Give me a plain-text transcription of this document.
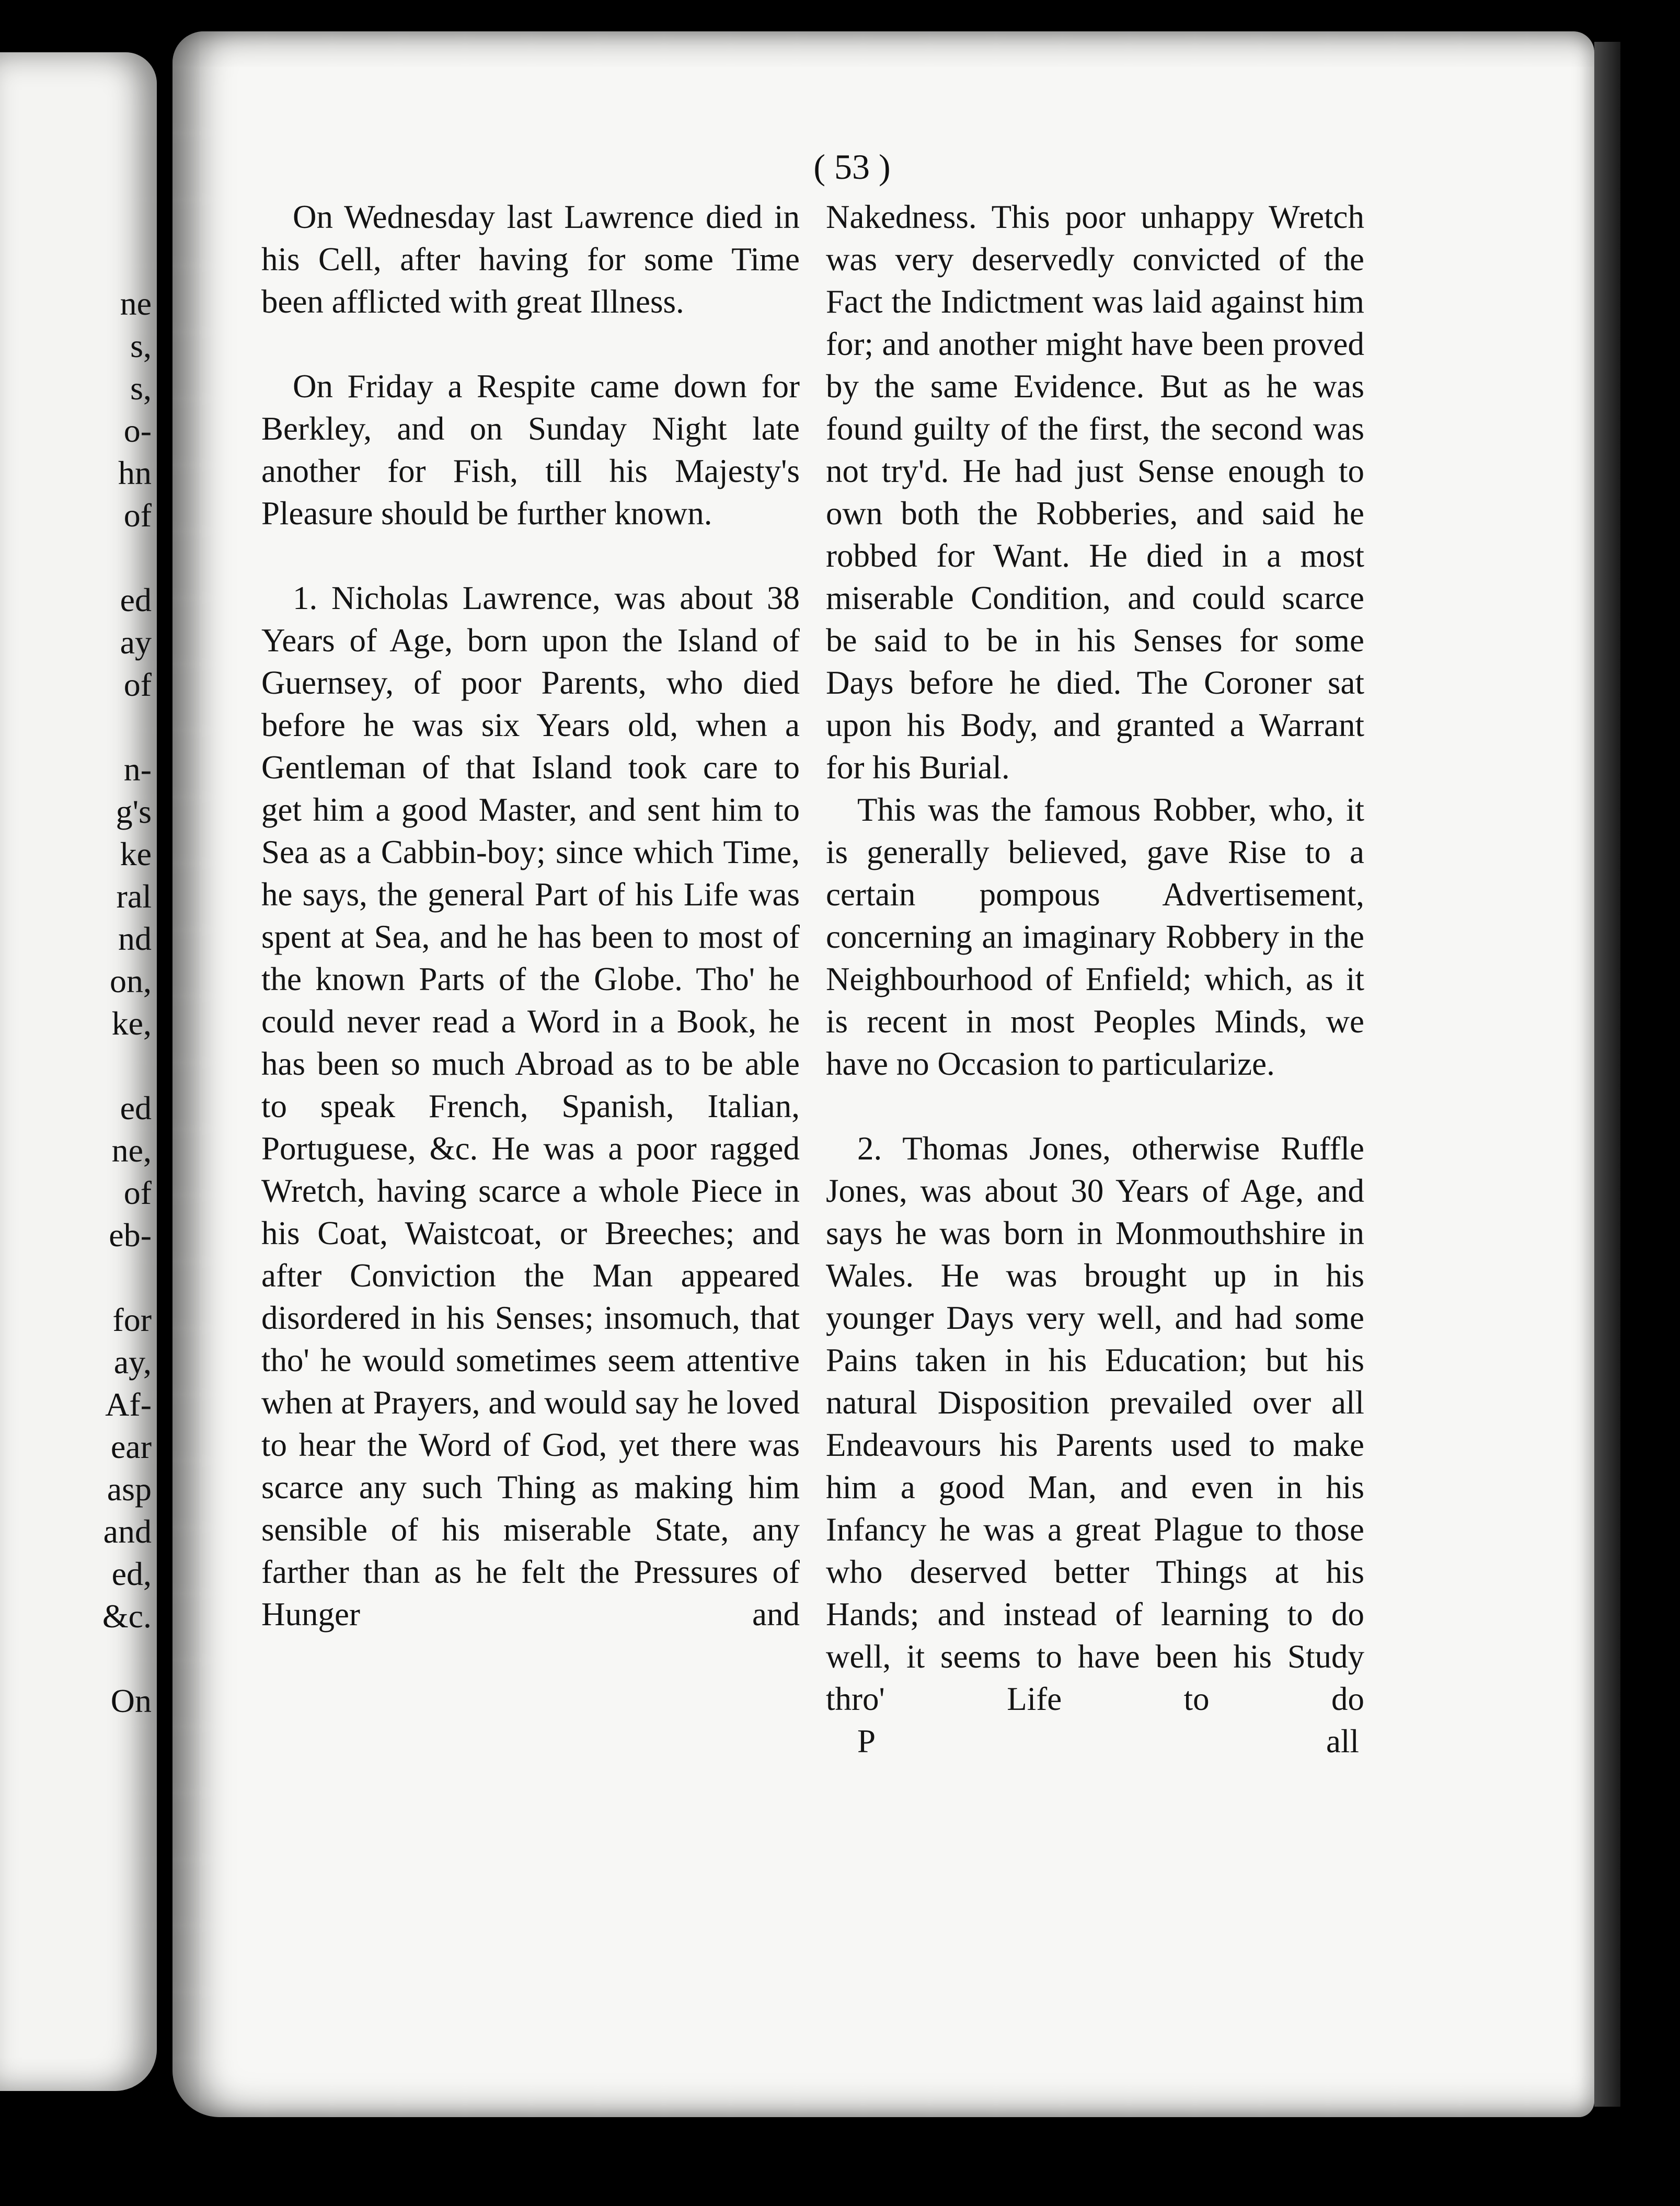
ne
s,
s,
o-
hn
of
ed
ay
of
n-
g's
ke
ral
nd
on,
ke,
ed
ne,
of
eb-
for
ay,
Af-
ear
asp
and
ed,
&c.
On
( 53 )

On Wednesday last Lawrence died in his Cell, after having for some Time been afflicted with great Illness.

On Friday a Respite came down for Berkley, and on Sunday Night late another for Fish, till his Majesty's Pleasure should be further known.

1. Nicholas Lawrence, was about 38 Years of Age, born upon the Island of Guernsey, of poor Parents, who died before he was six Years old, when a Gentleman of that Island took care to get him a good Master, and sent him to Sea as a Cabbin-boy; since which Time, he says, the general Part of his Life was spent at Sea, and he has been to most of the known Parts of the Globe. Tho' he could never read a Word in a Book, he has been so much Abroad as to be able to speak French, Spanish, Italian, Portuguese, &c. He was a poor ragged Wretch, having scarce a whole Piece in his Coat, Waistcoat, or Breeches; and after Conviction the Man appeared disordered in his Senses; insomuch, that tho' he would sometimes seem attentive when at Prayers, and would say he loved to hear the Word of God, yet there was scarce any such Thing as making him sensible of his miserable State, any farther than as he felt the Pressures of Hunger and

Nakedness. This poor unhappy Wretch was very deservedly convicted of the Fact the Indictment was laid against him for; and another might have been proved by the same Evidence. But as he was found guilty of the first, the second was not try'd. He had just Sense enough to own both the Robberies, and said he robbed for Want. He died in a most miserable Condition, and could scarce be said to be in his Senses for some Days before he died. The Coroner sat upon his Body, and granted a Warrant for his Burial.

This was the famous Robber, who, it is generally believed, gave Rise to a certain pompous Advertisement, concerning an imaginary Robbery in the Neighbourhood of Enfield; which, as it is recent in most Peoples Minds, we have no Occasion to particularize.

2. Thomas Jones, otherwise Ruffle Jones, was about 30 Years of Age, and says he was born in Monmouthshire in Wales. He was brought up in his younger Days very well, and had some Pains taken in his Education; but his natural Disposition prevailed over all Endeavours his Parents used to make him a good Man, and even in his Infancy he was a great Plague to those who deserved better Things at his Hands; and instead of learning to do well, it seems to have been his Study thro' Life to do

P	all
